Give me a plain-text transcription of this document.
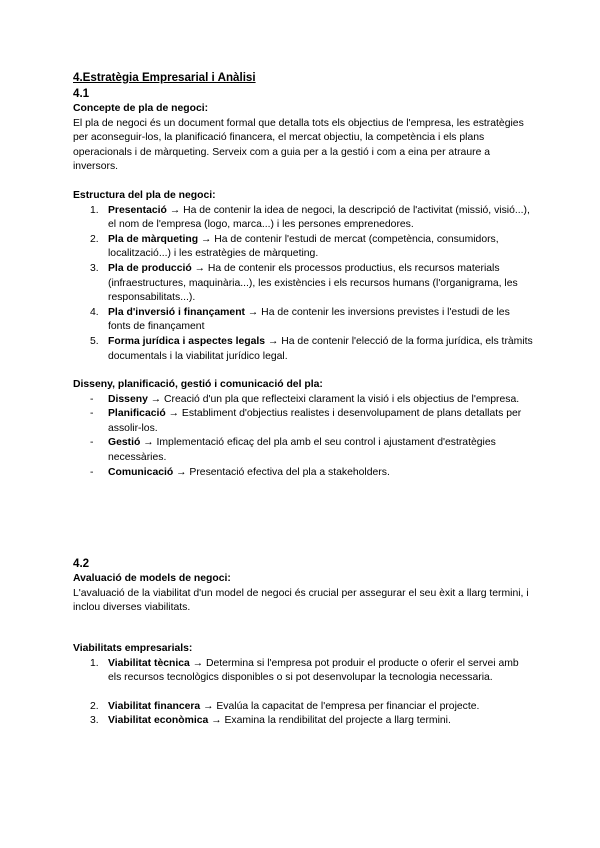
4.Estratègia Empresarial i Anàlisi
4.1
Concepte de pla de negoci:

El pla de negoci és un document formal que detalla tots els objectius de l'empresa, les estratègies per aconseguir-los, la planificació financera, el mercat objectiu, la competència i els plans operacionals i de màrqueting. Serveix com a guia per a la gestió i com a eina per atraure a inversors.

Estructura del pla de negoci:
1. Presentació → Ha de contenir la idea de negoci, la descripció de l'activitat (missió, visió...), el nom de l'empresa (logo, marca...) i les persones emprenedores.
2. Pla de màrqueting → Ha de contenir l'estudi de mercat (competència, consumidors, localització...) i les estratègies de màrqueting.
3. Pla de producció → Ha de contenir els processos productius, els recursos materials (infraestructures, maquinària...), les existències i els recursos humans (l'organigrama, les responsabilitats...).
4. Pla d'inversió i finançament → Ha de contenir les inversions previstes i l'estudi de les fonts de finançament
5. Forma jurídica i aspectes legals → Ha de contenir l'elecció de la forma jurídica, els tràmits documentals i la viabilitat jurídico legal.
Disseny, planificació, gestió i comunicació del pla:
- Disseny → Creació d'un pla que reflecteixi clarament la visió i els objectius de l'empresa.
- Planificació → Establiment d'objectius realistes i desenvolupament de plans detallats per assolir-los.
- Gestió → Implementació eficaç del pla amb el seu control i ajustament d'estratègies necessàries.
- Comunicació → Presentació efectiva del pla a stakeholders.
4.2
Avaluació de models de negoci:

L'avaluació de la viabilitat d'un model de negoci és crucial per assegurar el seu èxit a llarg termini, i inclou diverses viabilitats.

Viabilitats empresarials:
1. Viabilitat tècnica → Determina si l'empresa pot produir el producte o oferir el servei amb els recursos tecnològics disponibles o si pot desenvolupar la tecnologia necessaria.
2. Viabilitat financera → Evalúa la capacitat de l'empresa per financiar el projecte.
3. Viabilitat econòmica → Examina la rendibilitat del projecte a llarg termini.
